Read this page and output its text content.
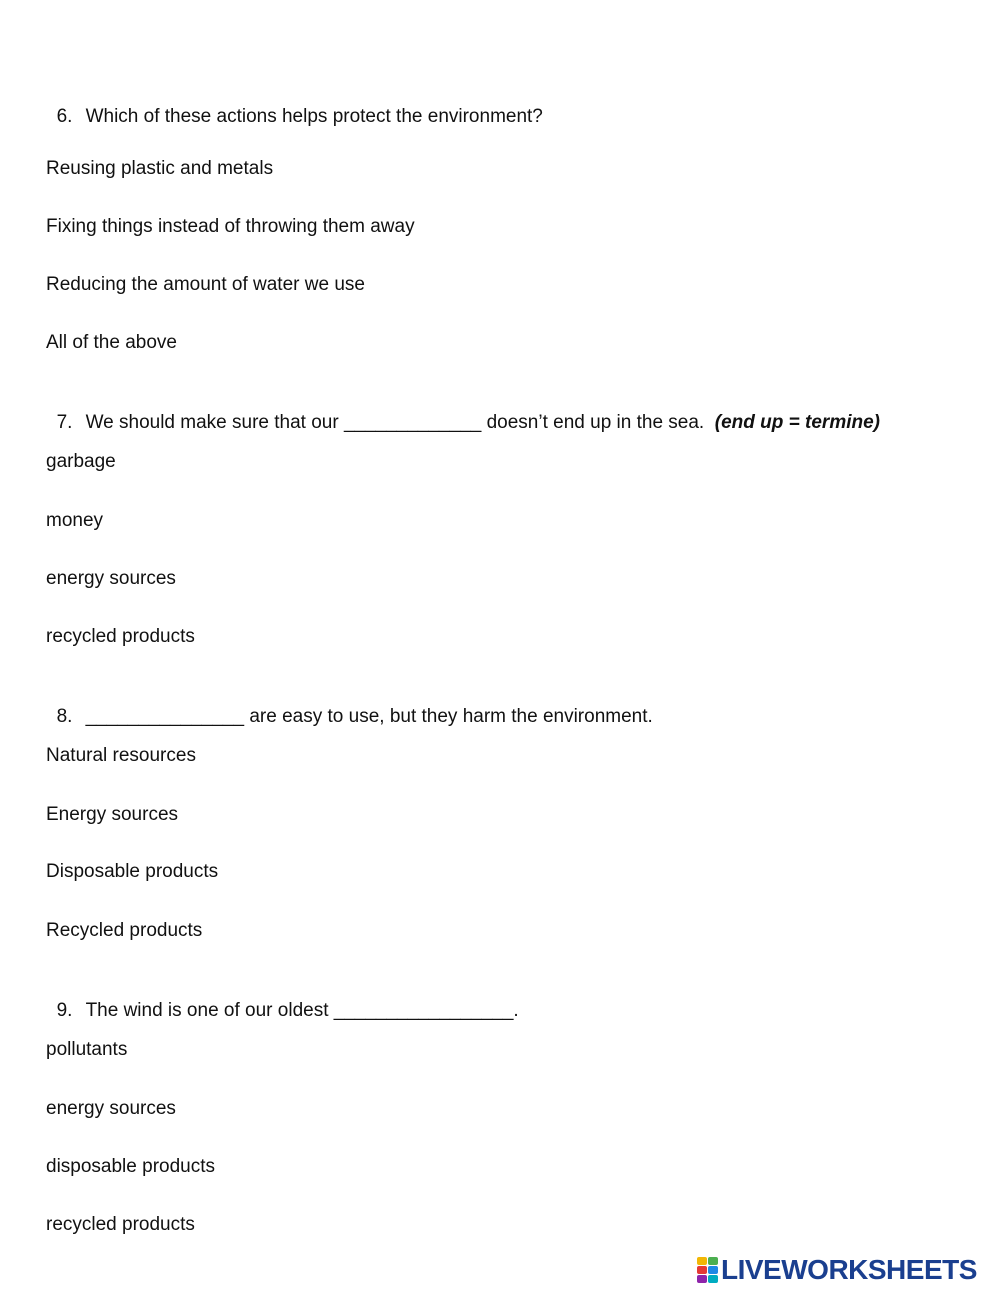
6. Which of these actions helps protect the environment?

Reusing plastic and metals
Fixing things instead of throwing them away
Reducing the amount of water we use
All of the above

7. We should make sure that our _____________ doesn’t end up in the sea.  (end up = termine)

garbage
money
energy sources
recycled products

8. _______________ are easy to use, but they harm the environment.

Natural resources
Energy sources
Disposable products
Recycled products

9. The wind is one of our oldest _________________.

pollutants
energy sources
disposable products
recycled products
LIVEWORKSHEETS
